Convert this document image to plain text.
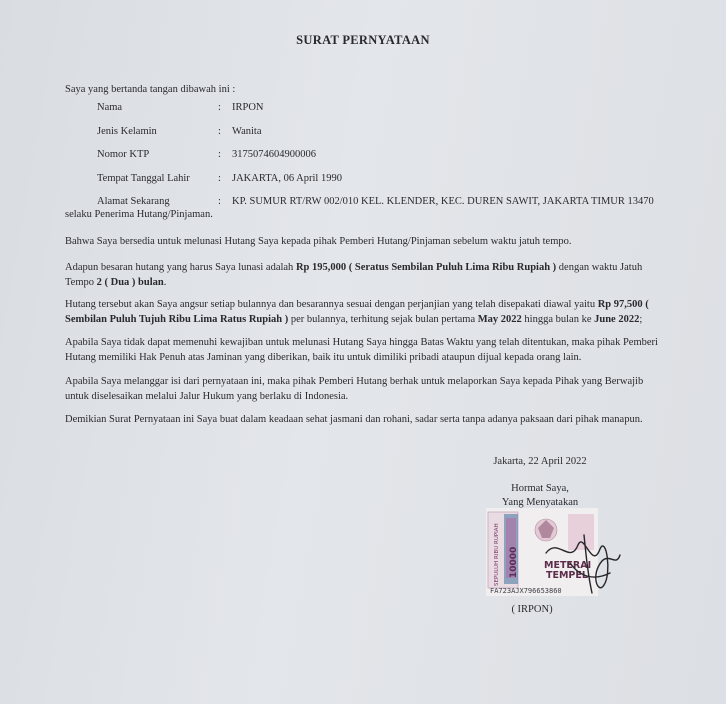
SURAT PERNYATAAN
Saya yang bertanda tangan dibawah ini :
Nama	:	IRPON
Jenis Kelamin	:	Wanita
Nomor KTP	:	3175074604900006
Tempat Tanggal Lahir	:	JAKARTA, 06 April 1990
Alamat Sekarang	:	KP. SUMUR RT/RW 002/010 KEL. KLENDER, KEC. DUREN SAWIT, JAKARTA TIMUR 13470
selaku Penerima Hutang/Pinjaman.
Bahwa Saya bersedia untuk melunasi Hutang Saya kepada pihak Pemberi Hutang/Pinjaman sebelum waktu jatuh tempo.
Adapun besaran hutang yang harus Saya lunasi adalah Rp 195,000 ( Seratus Sembilan Puluh Lima Ribu Rupiah ) dengan waktu Jatuh Tempo 2 ( Dua ) bulan.
Hutang tersebut akan Saya angsur setiap bulannya dan besarannya sesuai dengan perjanjian yang telah disepakati diawal yaitu Rp 97,500 ( Sembilan Puluh Tujuh Ribu Lima Ratus Rupiah ) per bulannya, terhitung sejak bulan pertama May 2022 hingga bulan ke June 2022;
Apabila Saya tidak dapat memenuhi kewajiban untuk melunasi Hutang Saya hingga Batas Waktu yang telah ditentukan, maka pihak Pemberi Hutang memiliki Hak Penuh atas Jaminan yang diberikan, baik itu untuk dimiliki pribadi ataupun dijual kepada orang lain.
Apabila Saya melanggar isi dari pernyataan ini, maka pihak Pemberi Hutang berhak untuk melaporkan Saya kepada Pihak yang Berwajib untuk diselesaikan melalui Jalur Hukum yang berlaku di Indonesia.
Demikian Surat Pernyataan ini Saya buat dalam keadaan sehat jasmani dan rohani, sadar serta tanpa adanya paksaan dari pihak manapun.
Jakarta, 22 April 2022
Hormat Saya,
Yang Menyatakan
SEPULUH RIBU RUPIAH 10000	METERAI
TEMPEL
FA723AJX796653860
( IRPON)
